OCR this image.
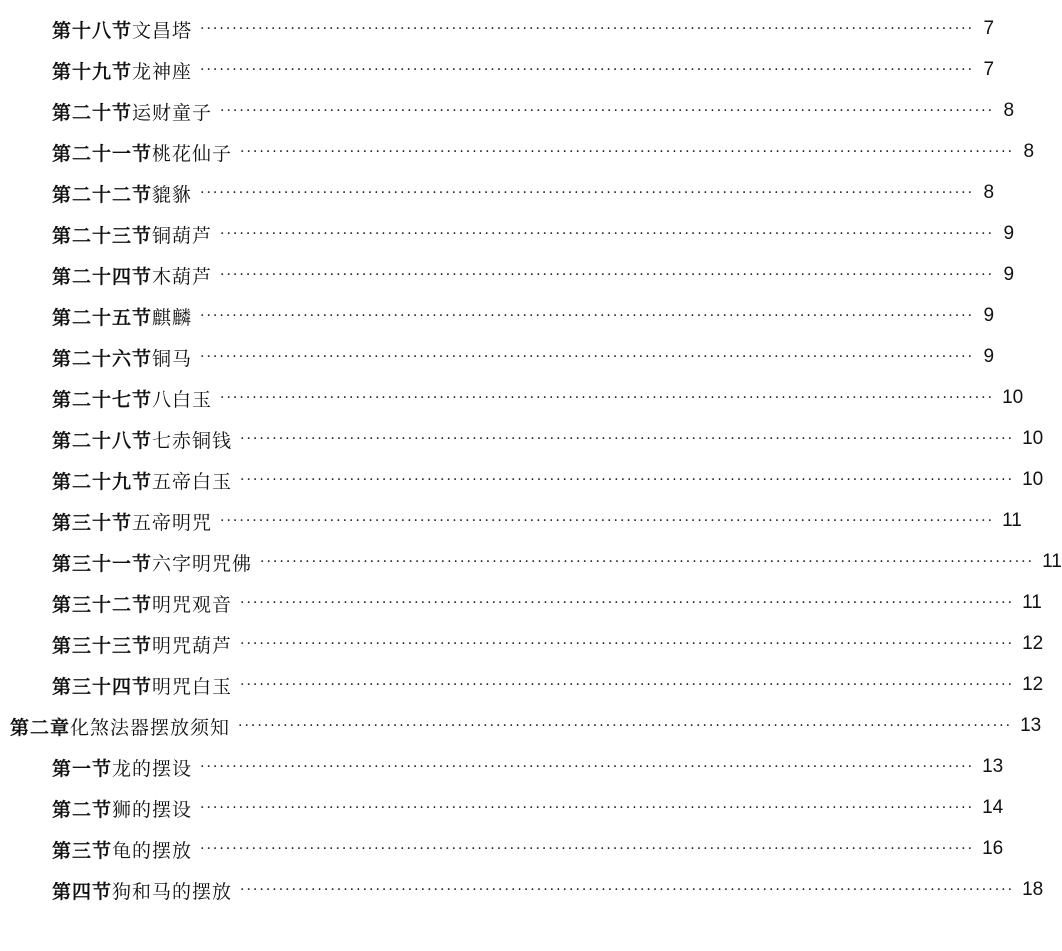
第十八节 文昌塔 ························································································································ 7
第十九节 龙神座 ························································································································ 7
第二十节 运财童子 ························································································································ 8
第二十一节 桃花仙子 ························································································································ 8
第二十二节 貔貅 ························································································································ 8
第二十三节 铜葫芦 ························································································································ 9
第二十四节 木葫芦 ························································································································ 9
第二十五节 麒麟 ························································································································ 9
第二十六节 铜马 ························································································································ 9
第二十七节 八白玉 ························································································································ 10
第二十八节 七赤铜钱 ························································································································ 10
第二十九节 五帝白玉 ························································································································ 10
第三十节 五帝明咒 ························································································································ 11
第三十一节 六字明咒佛 ························································································································ 11
第三十二节 明咒观音 ························································································································ 11
第三十三节 明咒葫芦 ························································································································ 12
第三十四节 明咒白玉 ························································································································ 12
第二章 化煞法器摆放须知 ························································································································ 13
第一节 龙的摆设 ························································································································ 13
第二节 狮的摆设 ························································································································ 14
第三节 龟的摆放 ························································································································ 16
第四节 狗和马的摆放 ························································································································ 18
